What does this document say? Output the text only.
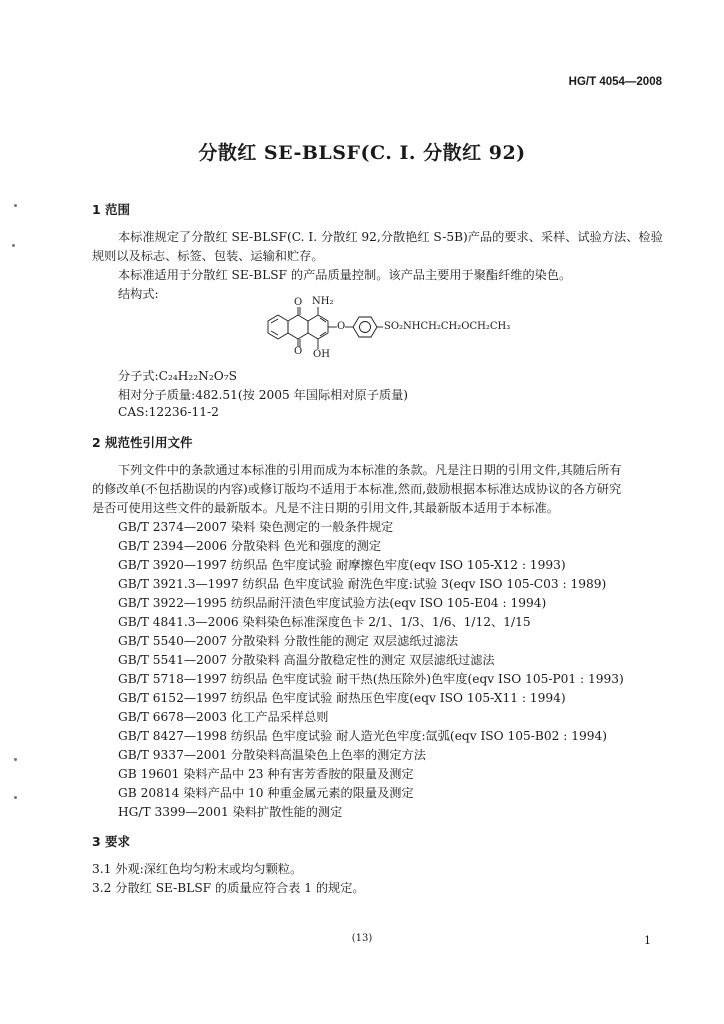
HG/T 4054—2008
分散红 SE-BLSF(C. I. 分散红 92)
1 范围
本标准规定了分散红 SE-BLSF(C. I. 分散红 92,分散艳红 S-5B)产品的要求、采样、试验方法、检验
规则以及标志、标签、包装、运输和贮存。
本标准适用于分散红 SE-BLSF 的产品质量控制。该产品主要用于聚酯纤维的染色。
结构式:
O NH₂
O	SO₂NHCH₂CH₂OCH₂CH₃
O OH
分子式:C₂₄H₂₂N₂O₇S
相对分子质量:482.51(按 2005 年国际相对原子质量)
CAS:12236-11-2
2 规范性引用文件
下列文件中的条款通过本标准的引用而成为本标准的条款。凡是注日期的引用文件,其随后所有
的修改单(不包括勘误的内容)或修订版均不适用于本标准,然而,鼓励根据本标准达成协议的各方研究
是否可使用这些文件的最新版本。凡是不注日期的引用文件,其最新版本适用于本标准。
GB/T 2374—2007 染料 染色测定的一般条件规定
GB/T 2394—2006 分散染料 色光和强度的测定
GB/T 3920—1997 纺织品 色牢度试验 耐摩擦色牢度(eqv ISO 105-X12 : 1993)
GB/T 3921.3—1997 纺织品 色牢度试验 耐洗色牢度:试验 3(eqv ISO 105-C03 : 1989)
GB/T 3922—1995 纺织品耐汗渍色牢度试验方法(eqv ISO 105-E04 : 1994)
GB/T 4841.3—2006 染料染色标准深度色卡 2/1、1/3、1/6、1/12、1/15
GB/T 5540—2007 分散染料 分散性能的测定 双层滤纸过滤法
GB/T 5541—2007 分散染料 高温分散稳定性的测定 双层滤纸过滤法
GB/T 5718—1997 纺织品 色牢度试验 耐干热(热压除外)色牢度(eqv ISO 105-P01 : 1993)
GB/T 6152—1997 纺织品 色牢度试验 耐热压色牢度(eqv ISO 105-X11 : 1994)
GB/T 6678—2003 化工产品采样总则
GB/T 8427—1998 纺织品 色牢度试验 耐人造光色牢度:氙弧(eqv ISO 105-B02 : 1994)
GB/T 9337—2001 分散染料高温染色上色率的测定方法
GB 19601 染料产品中 23 种有害芳香胺的限量及测定
GB 20814 染料产品中 10 种重金属元素的限量及测定
HG/T 3399—2001 染料扩散性能的测定
3 要求
3.1 外观:深红色均匀粉末或均匀颗粒。
3.2 分散红 SE-BLSF 的质量应符合表 1 的规定。
(13)	1
